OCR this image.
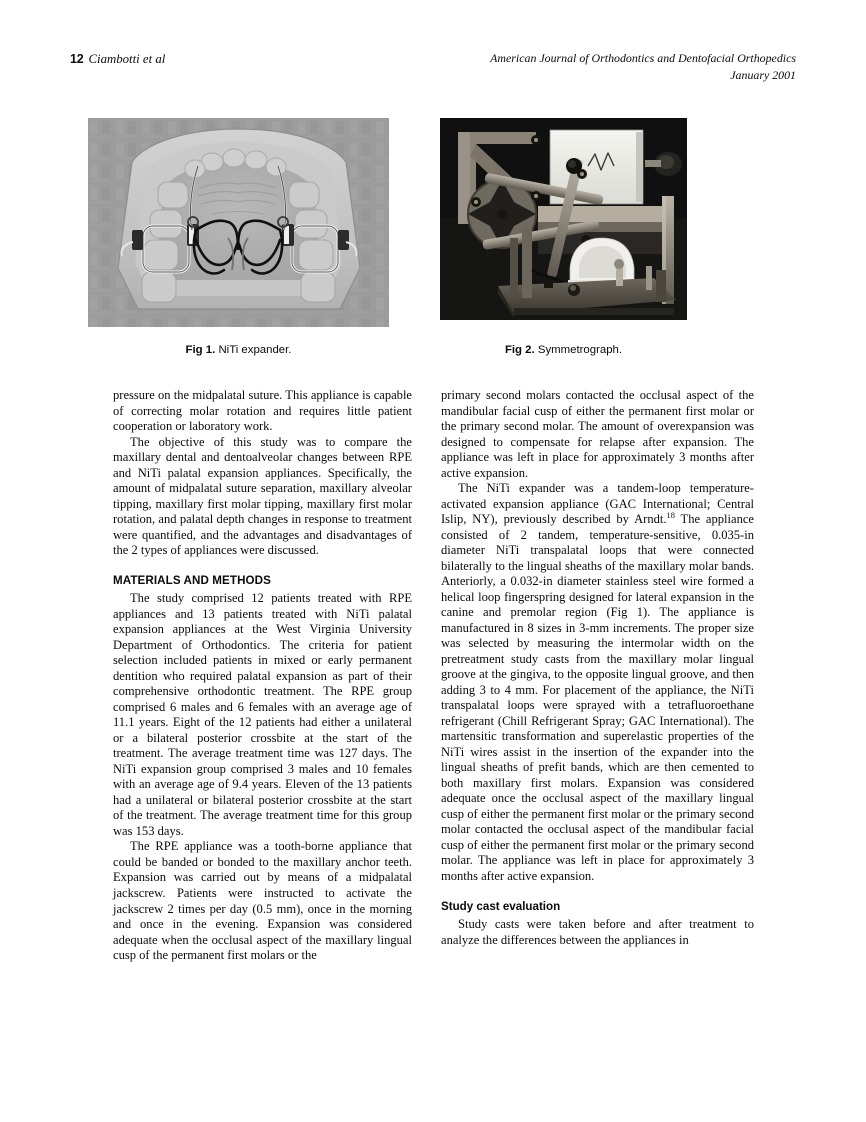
12 Ciambotti et al	American Journal of Orthodontics and Dentofacial Orthopedics
January 2001
Fig 1. NiTi expander.	Fig 2. Symmetrograph.

pressure on the midpalatal suture. This appliance is capable of correcting molar rotation and requires little patient cooperation or laboratory work.

The objective of this study was to compare the maxillary dental and dentoalveolar changes between RPE and NiTi palatal expansion appliances. Specifically, the amount of midpalatal suture separation, maxillary alveolar tipping, maxillary first molar tipping, maxillary first molar rotation, and palatal depth changes in response to treatment were quantified, and the advantages and disadvantages of the 2 types of appliances were discussed.

MATERIALS AND METHODS

The study comprised 12 patients treated with RPE appliances and 13 patients treated with NiTi palatal expansion appliances at the West Virginia University Department of Orthodontics. The criteria for patient selection included patients in mixed or early permanent dentition who required palatal expansion as part of their comprehensive orthodontic treatment. The RPE group comprised 6 males and 6 females with an average age of 11.1 years. Eight of the 12 patients had either a unilateral or a bilateral posterior crossbite at the start of the treatment. The average treatment time was 127 days. The NiTi expansion group comprised 3 males and 10 females with an average age of 9.4 years. Eleven of the 13 patients had a unilateral or bilateral posterior crossbite at the start of the treatment. The average treatment time for this group was 153 days.

The RPE appliance was a tooth-borne appliance that could be banded or bonded to the maxillary anchor teeth. Expansion was carried out by means of a midpalatal jackscrew. Patients were instructed to activate the jackscrew 2 times per day (0.5 mm), once in the morning and once in the evening. Expansion was considered adequate when the occlusal aspect of the maxillary lingual cusp of the permanent first molars or the

primary second molars contacted the occlusal aspect of the mandibular facial cusp of either the permanent first molar or the primary second molar. The amount of overexpansion was designed to compensate for relapse after expansion. The appliance was left in place for approximately 3 months after active expansion.

The NiTi expander was a tandem-loop temperature-activated expansion appliance (GAC International; Central Islip, NY), previously described by Arndt.$^{18}$ The appliance consisted of 2 tandem, temperature-sensitive, 0.035-in diameter NiTi transpalatal loops that were connected bilaterally to the lingual sheaths of the maxillary molar bands. Anteriorly, a 0.032-in diameter stainless steel wire formed a helical loop fingerspring designed for lateral expansion in the canine and premolar region (Fig 1). The appliance is manufactured in 8 sizes in 3-mm increments. The proper size was selected by measuring the intermolar width on the pretreatment study casts from the maxillary molar lingual groove at the gingiva, to the opposite lingual groove, and then adding 3 to 4 mm. For placement of the appliance, the NiTi transpalatal loops were sprayed with a tetrafluoroethane refrigerant (Chill Refrigerant Spray; GAC International). The martensitic transformation and superelastic properties of the NiTi wires assist in the insertion of the expander into the lingual sheaths of prefit bands, which are then cemented to both maxillary first molars. Expansion was considered adequate once the occlusal aspect of the maxillary lingual cusp of either the permanent first molar or the primary second molar contacted the occlusal aspect of the mandibular facial cusp of either the permanent first molar or the primary second molar. The appliance was left in place for approximately 3 months after active expansion.

Study cast evaluation

Study casts were taken before and after treatment to analyze the differences between the appliances in
